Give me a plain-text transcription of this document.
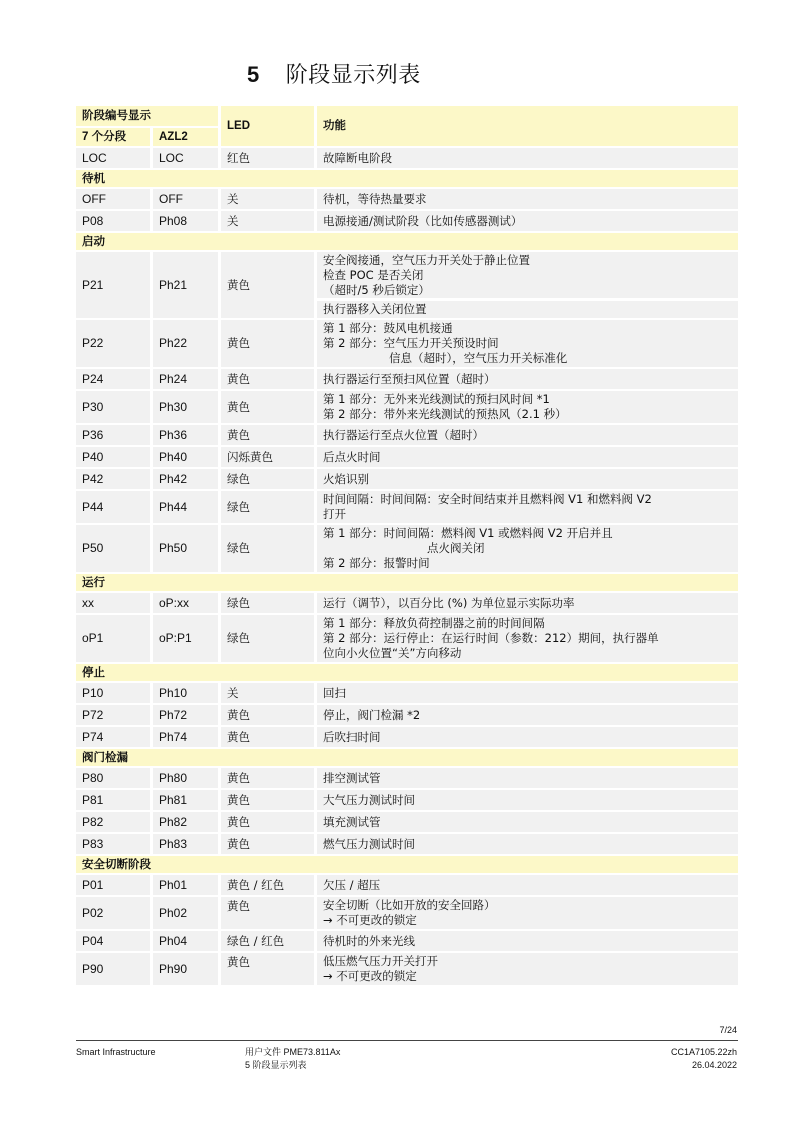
5 阶段显示列表
阶段编号显示		LED	功能
7 个分段	AZL2		
LOC	LOC	红色	故障断电阶段
待机			
OFF	OFF	关	待机，等待热量要求
P08	Ph08	关	电源接通/测试阶段（比如传感器测试）
启动			
P21	Ph21	黄色	安全阀接通，空气压力开关处于静止位置
检查 POC 是否关闭
（超时/5 秒后锁定）
执行器移入关闭位置

P22	Ph22	黄色	第 1 部分：鼓风电机接通
第 2 部分：空气压力开关预设时间
信息（超时），空气压力开关标准化

P24	Ph24	黄色	执行器运行至预扫风位置（超时）
P30	Ph30	黄色	第 1 部分：无外来光线测试的预扫风时间 *1
第 2 部分：带外来光线测试的预热风（2.1 秒）

P36	Ph36	黄色	执行器运行至点火位置（超时）
P40	Ph40	闪烁黄色	后点火时间
P42	Ph42	绿色	火焰识别
P44	Ph44	绿色	时间间隔：时间间隔：安全时间结束并且燃料阀 V1 和燃料阀 V2
打开

P50	Ph50	绿色	第 1 部分：时间间隔：燃料阀 V1 或燃料阀 V2 开启并且
点火阀关闭
第 2 部分：报警时间

运行			
xx	oP:xx	绿色	运行（调节），以百分比 (%) 为单位显示实际功率
oP1	oP:P1	绿色	第 1 部分：释放负荷控制器之前的时间间隔
第 2 部分：运行停止：在运行时间（参数：212）期间，执行器单
位向小火位置“关”方向移动

停止			
P10	Ph10	关	回扫
P72	Ph72	黄色	停止，阀门检漏 *2
P74	Ph74	黄色	后吹扫时间
阀门检漏			
P80	Ph80	黄色	排空测试管
P81	Ph81	黄色	大气压力测试时间
P82	Ph82	黄色	填充测试管
P83	Ph83	黄色	燃气压力测试时间
安全切断阶段			
P01	Ph01	黄色 / 红色	欠压 / 超压
P02	Ph02	黄色	安全切断（比如开放的安全回路）
→ 不可更改的锁定

P04	Ph04	绿色 / 红色	待机时的外来光线
P90	Ph90	黄色	低压燃气压力开关打开
→ 不可更改的锁定
7/24
Smart Infrastructure	用户文件 PME73.811Ax
5 阶段显示列表
CC1A7105.22zh
26.04.2022
